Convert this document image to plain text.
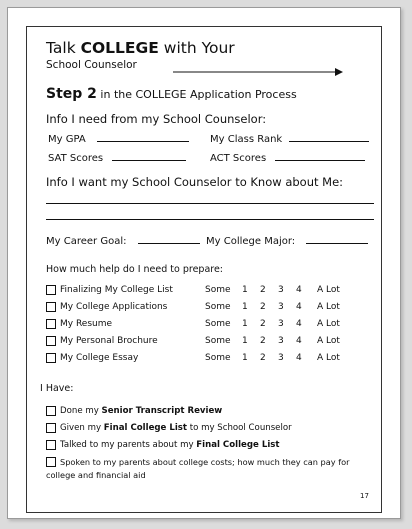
Talk COLLEGE with Your
School Counselor
Step 2 in the COLLEGE Application Process
Info I need from my School Counselor:
My GPA	My Class Rank
SAT Scores	ACT Scores
Info I want my School Counselor to Know about Me:
My Career Goal:	My College Major:
How much help do I need to prepare:
Finalizing My College List	Some 1 2 3 4 A Lot
My College Applications	Some 1 2 3 4 A Lot
My Resume	Some 1 2 3 4 A Lot
My Personal Brochure	Some 1 2 3 4 A Lot
My College Essay	Some 1 2 3 4 A Lot
I Have:
Done my Senior Transcript Review
Given my Final College List to my School Counselor
Talked to my parents about my Final College List
Spoken to my parents about college costs; how much they can pay for
college and financial aid
17
